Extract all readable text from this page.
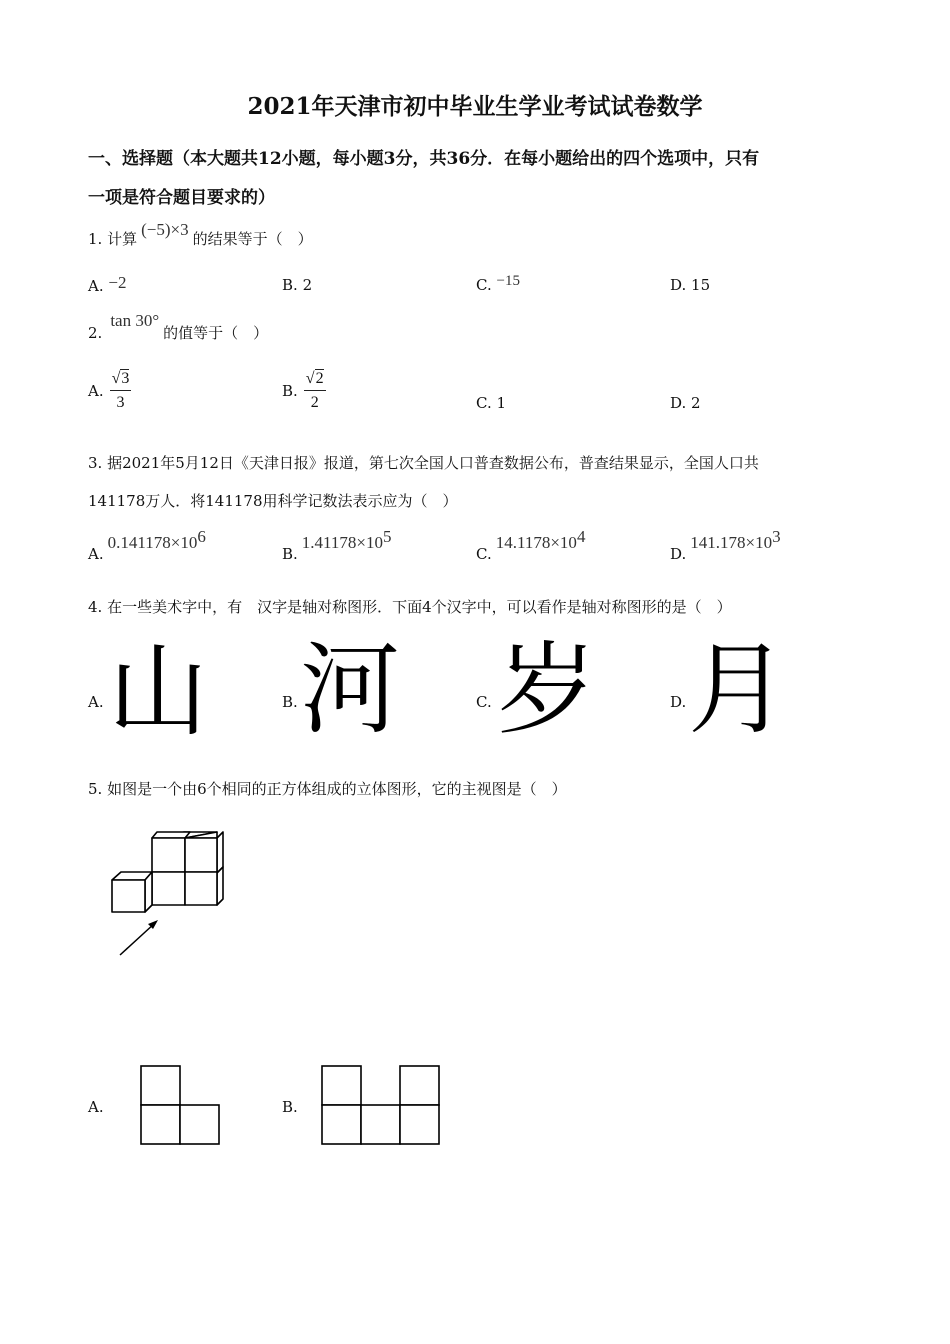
2021年天津市初中毕业生学业考试试卷数学
一、选择题（本大题共12小题，每小题3分，共36分．在每小题给出的四个选项中，只有
一项是符合题目要求的）
1. 计算 (−5)×3 的结果等于（　）
A. −2	B. 2	C. −15	D. 15
2.tan 30°的值等于（　）
A. $\frac{√3}{3}$	B. $\frac{√2}{2}$	C. 1	D. 2
3. 据2021年5月12日《天津日报》报道，第七次全国人口普查数据公布，普查结果显示，全国人口共
141178万人．将141178用科学记数法表示应为（　）
$A.0.141178\times 10^6$
$B.1.41178\times 10^5$
$C.14.1178\times 10^4$
$D.141.178\times 10^3$
4. 在一些美术字中，有　汉字是轴对称图形．下面4个汉字中，可以看作是轴对称图形的是（　）
A. 山	B. 河	C. 岁	D. 月
5. 如图是一个由6个相同的正方体组成的立体图形，它的主视图是（　）
A.	B.
